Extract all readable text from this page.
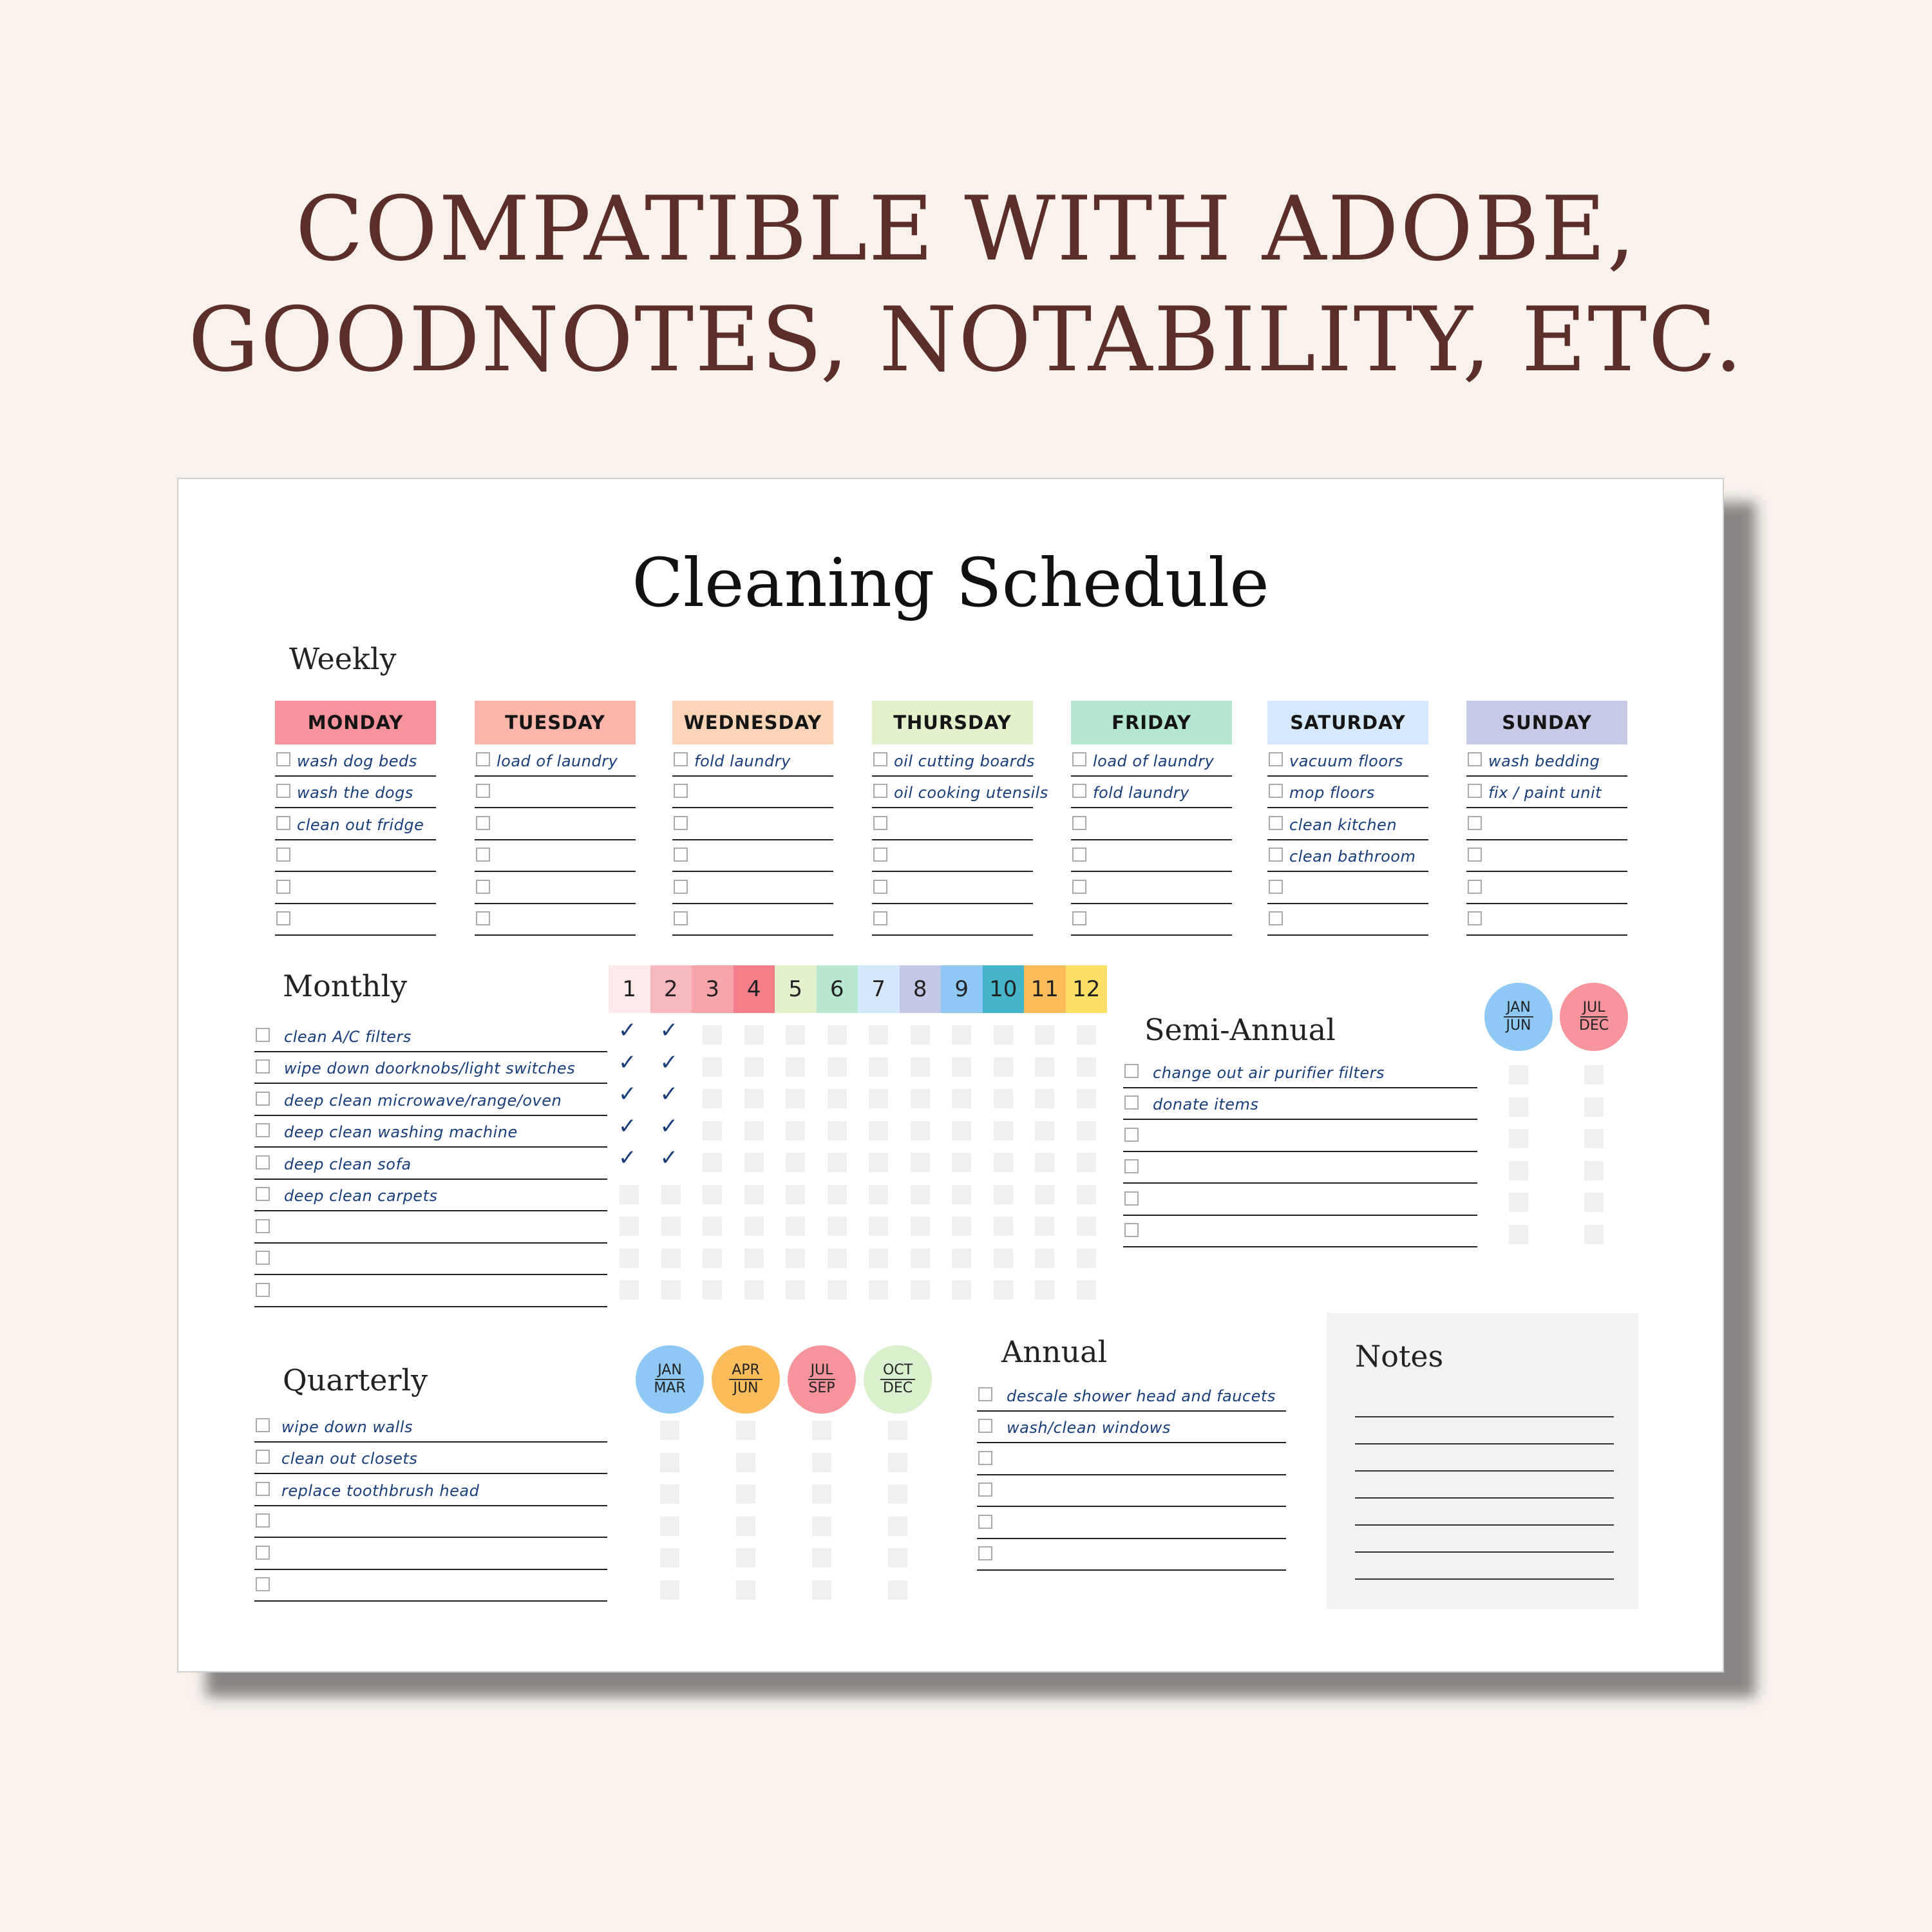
COMPATIBLE WITH ADOBE,
GOODNOTES, NOTABILITY, ETC.
Cleaning Schedule
Weekly
MONDAY
wash dog beds
wash the dogs
clean out fridge
TUESDAY
load of laundry
WEDNESDAY
fold laundry
THURSDAY
oil cutting boards
oil cooking utensils
FRIDAY
load of laundry
fold laundry
SATURDAY
vacuum floors
mop floors
clean kitchen
clean bathroom
SUNDAY
wash bedding
fix / paint unit
Monthly
clean A/C filters
wipe down doorknobs/light switches
deep clean microwave/range/oven
deep clean washing machine
deep clean sofa
deep clean carpets
1	2	3	4	5	6	7	8	9 10 11 12
✓ ✓
✓ ✓
✓ ✓
✓ ✓
✓ ✓
Semi-Annual
JAN
JUN
JUL
DEC
change out air purifier filters
donate items
Quarterly	JAN
MAR
APR
JUN
JUL
SEP
OCT
DEC
wipe down walls
clean out closets
replace toothbrush head
Annual
descale shower head and faucets
wash/clean windows
Notes
